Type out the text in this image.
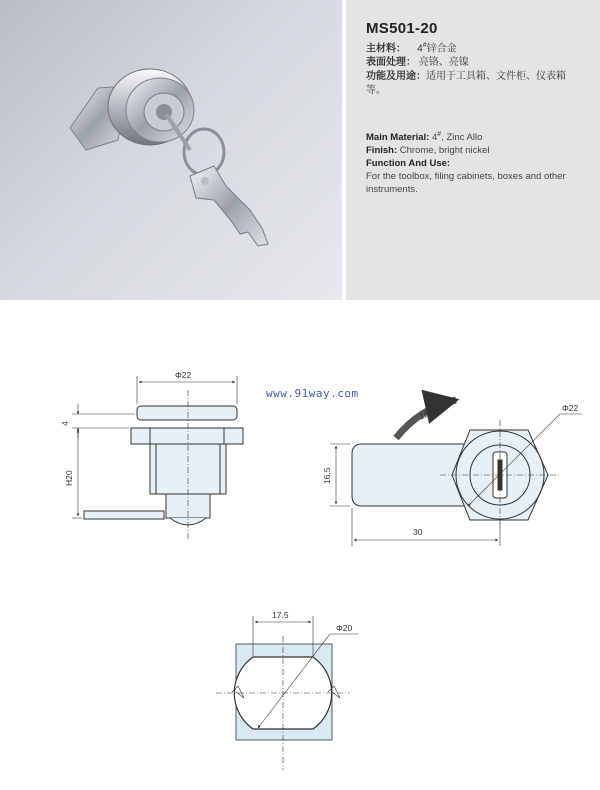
MS501-20
主材料： 4#锌合金
表面处理： 亮铬、亮镍
功能及用途：适用于工具箱、文件柜、仪表箱等。
Main Material: 4#, Zinc Allo
Finish: Chrome, bright nickel
Function And Use:
For the toolbox, filing cabinets, boxes and other instruments.
www.91way.com
Φ22
4
H20
Φ22
180°
16.5
30
17.5
Φ20
